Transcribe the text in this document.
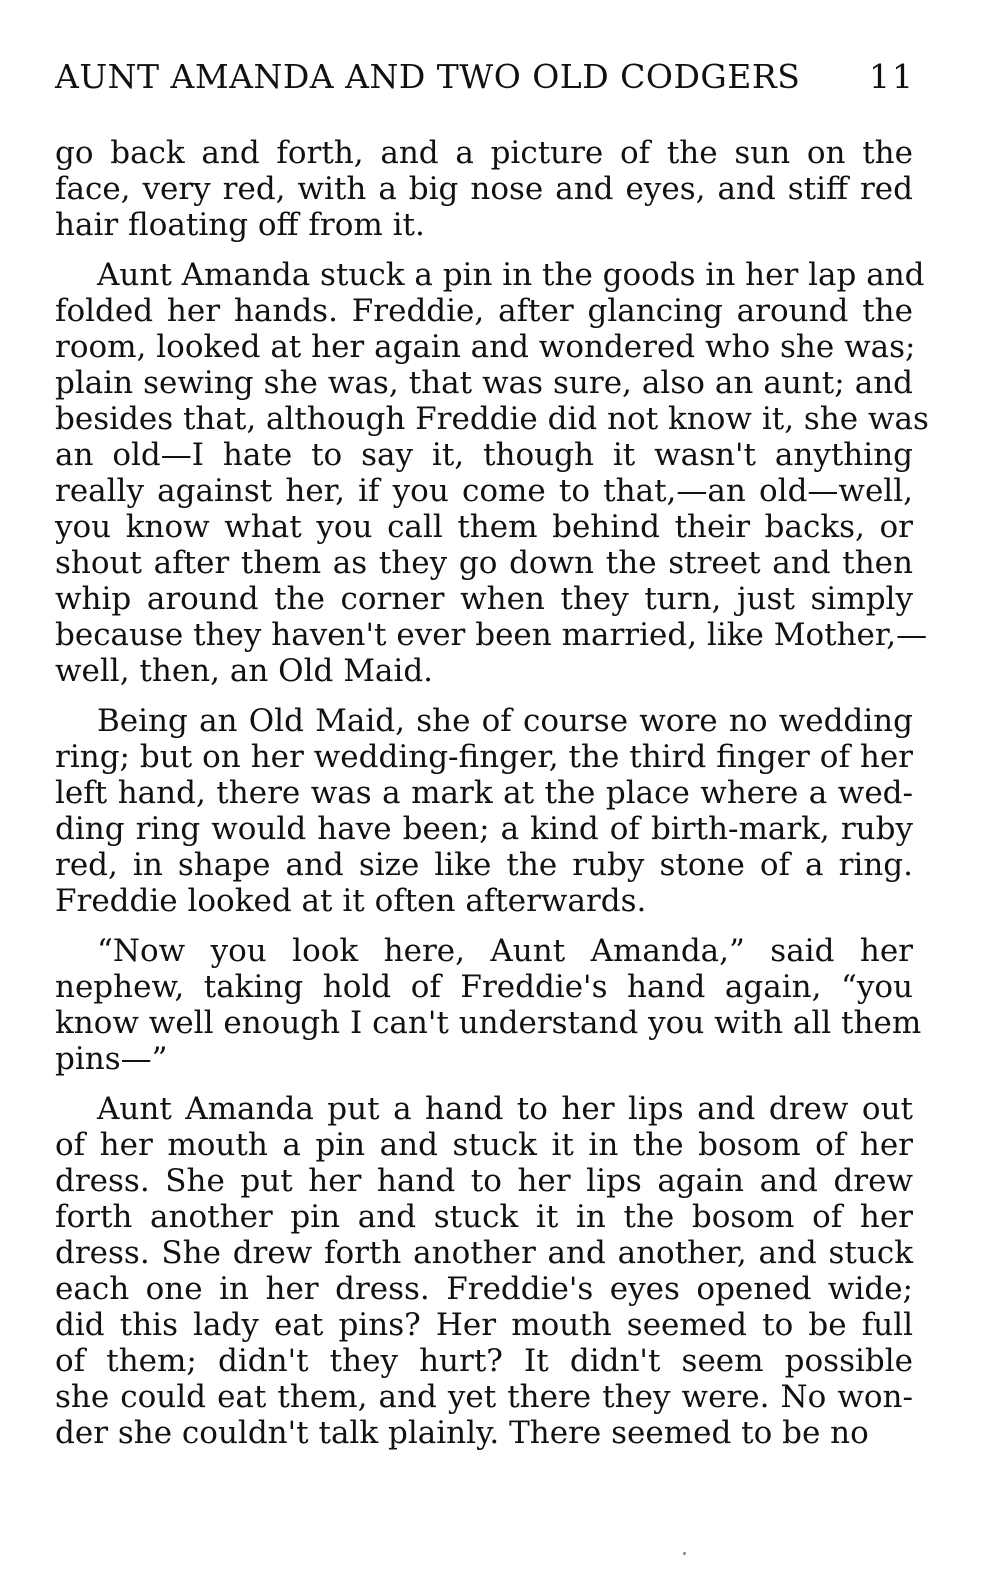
AUNT AMANDA AND TWO OLD CODGERS 11
go back and forth, and a picture of the sun on the
face, very red, with a big nose and eyes, and stiff red
hair floating off from it.
Aunt Amanda stuck a pin in the goods in her lap and
folded her hands. Freddie, after glancing around the
room, looked at her again and wondered who she was;
plain sewing she was, that was sure, also an aunt; and
besides that, although Freddie did not know it, she was
an old—I hate to say it, though it wasn't anything
really against her, if you come to that,—an old—well,
you know what you call them behind their backs, or
shout after them as they go down the street and then
whip around the corner when they turn, just simply
because they haven't ever been married, like Mother,—
well, then, an Old Maid.
Being an Old Maid, she of course wore no wedding
ring; but on her wedding-finger, the third finger of her
left hand, there was a mark at the place where a wed-
ding ring would have been; a kind of birth-mark, ruby
red, in shape and size like the ruby stone of a ring.
Freddie looked at it often afterwards.
“Now you look here, Aunt Amanda,” said her
nephew, taking hold of Freddie's hand again, “you
know well enough I can't understand you with all them
pins—”
Aunt Amanda put a hand to her lips and drew out
of her mouth a pin and stuck it in the bosom of her
dress. She put her hand to her lips again and drew
forth another pin and stuck it in the bosom of her
dress. She drew forth another and another, and stuck
each one in her dress. Freddie's eyes opened wide;
did this lady eat pins? Her mouth seemed to be full
of them; didn't they hurt? It didn't seem possible
she could eat them, and yet there they were. No won-
der she couldn't talk plainly. There seemed to be no
